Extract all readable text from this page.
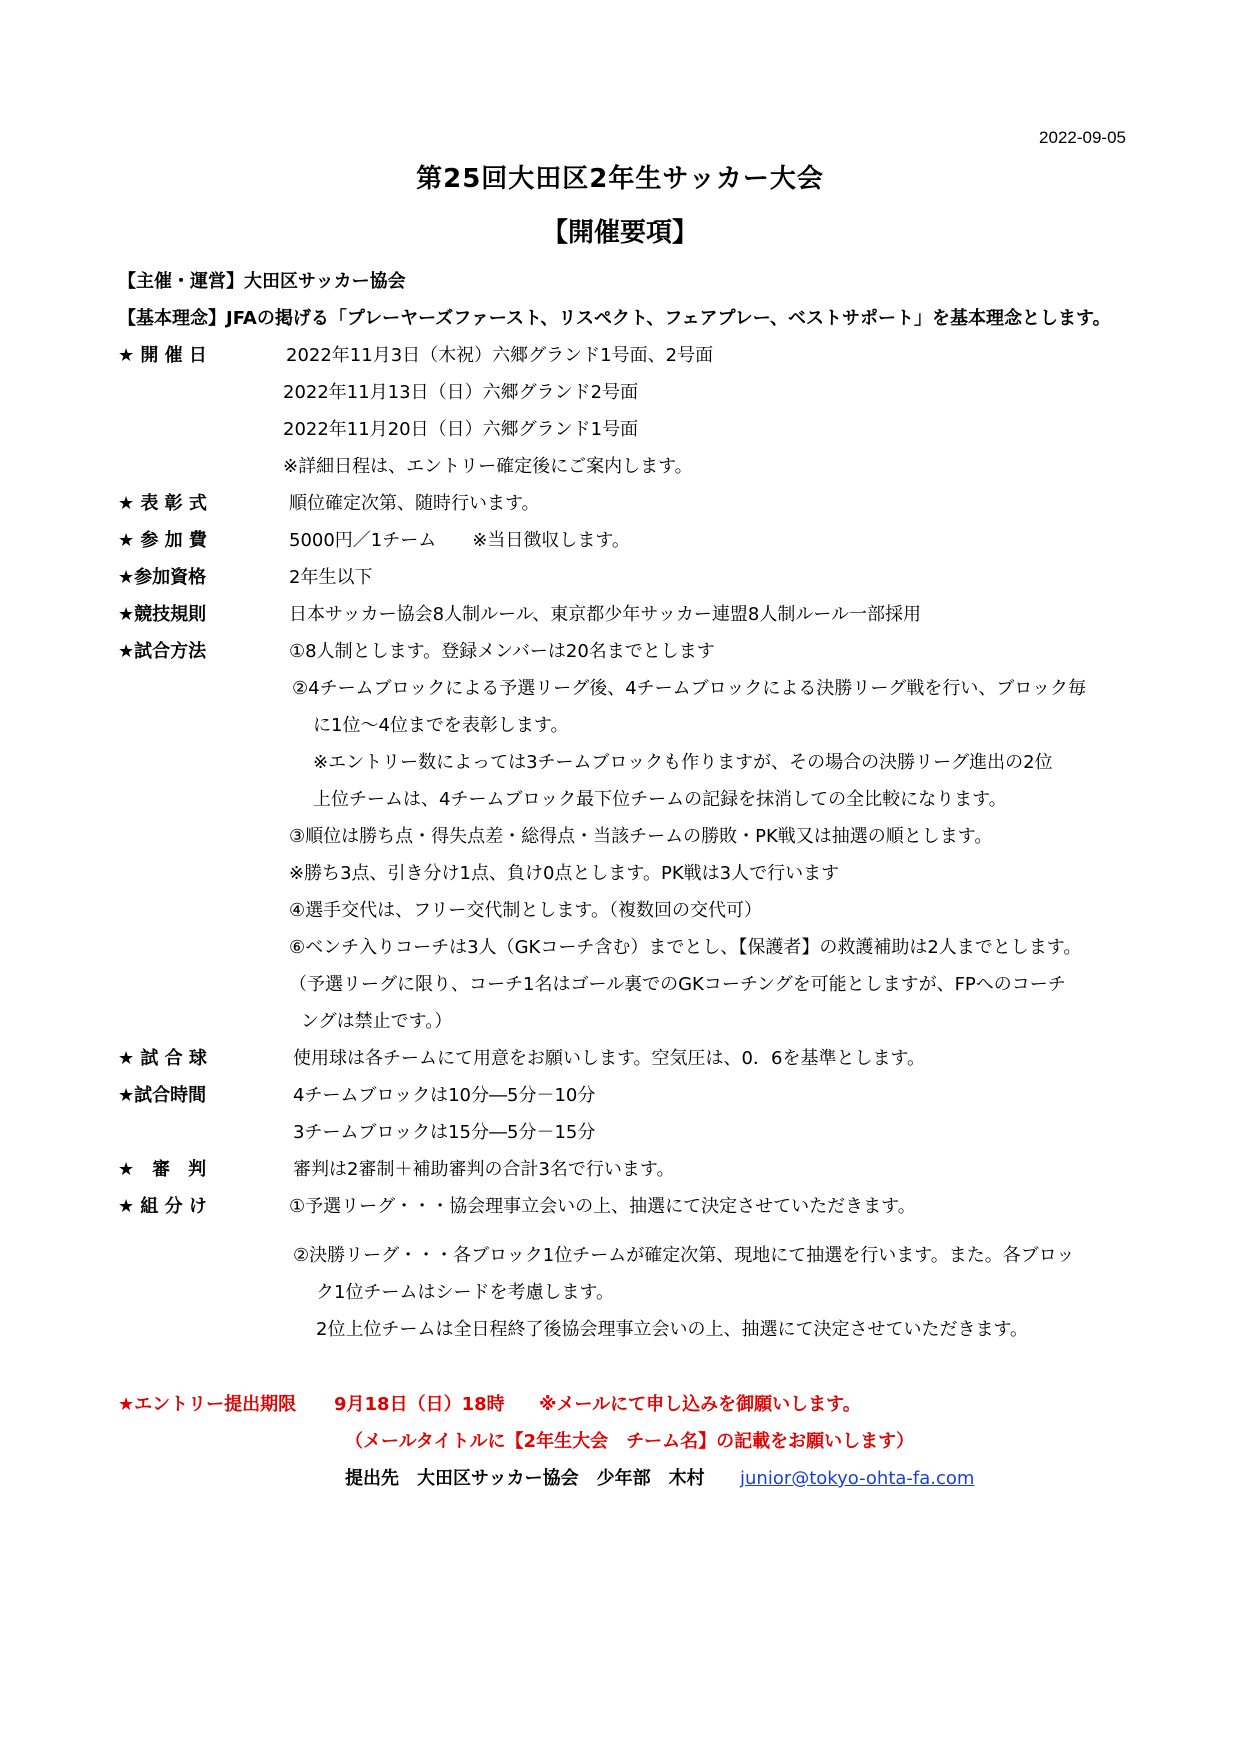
2022-09-05
第25回大田区2年生サッカー大会
【開催要項】
【主催・運営】大田区サッカー協会
【基本理念】JFAの掲げる「プレーヤーズファースト、リスペクト、フェアプレー、ベストサポート」を基本理念とします。
★ 開 催 日	2022年11月3日（木祝）六郷グランド1号面、2号面
2022年11月13日（日）六郷グランド2号面
2022年11月20日（日）六郷グランド1号面
※詳細日程は、エントリー確定後にご案内します。
★ 表 彰 式	順位確定次第、随時行います。
★ 参 加 費	5000円／1チーム　　※当日徴収します。
★参加資格	2年生以下
★競技規則	日本サッカー協会8人制ルール、東京都少年サッカー連盟8人制ルール一部採用
★試合方法	①8人制とします。登録メンバーは20名までとします
②4チームブロックによる予選リーグ後、4チームブロックによる決勝リーグ戦を行い、ブロック毎
に1位～4位までを表彰します。
※エントリー数によっては3チームブロックも作りますが、その場合の決勝リーグ進出の2位
上位チームは、4チームブロック最下位チームの記録を抹消しての全比較になります。
③順位は勝ち点・得失点差・総得点・当該チームの勝敗・PK戦又は抽選の順とします。
※勝ち3点、引き分け1点、負け0点とします。PK戦は3人で行います
④選手交代は、フリー交代制とします。（複数回の交代可）
⑥ベンチ入りコーチは3人（GKコーチ含む）までとし、【保護者】の救護補助は2人までとします。
（予選リーグに限り、コーチ1名はゴール裏でのGKコーチングを可能としますが、FPへのコーチ
ングは禁止です。）
★ 試 合 球	使用球は各チームにて用意をお願いします。空気圧は、0．6を基準とします。
★試合時間	4チームブロックは10分―5分－10分
3チームブロックは15分―5分－15分
★　審　判	審判は2審制＋補助審判の合計3名で行います。
★ 組 分 け	①予選リーグ・・・協会理事立会いの上、抽選にて決定させていただきます。
②決勝リーグ・・・各ブロック1位チームが確定次第、現地にて抽選を行います。また。各ブロッ
ク1位チームはシードを考慮します。
2位上位チームは全日程終了後協会理事立会いの上、抽選にて決定させていただきます。
★エントリー提出期限 9月18日（日）18時 ※メールにて申し込みを御願いします。
（メールタイトルに【2年生大会　チーム名】の記載をお願いします）
提出先　大田区サッカー協会　少年部　木村 junior@tokyo-ohta-fa.com
